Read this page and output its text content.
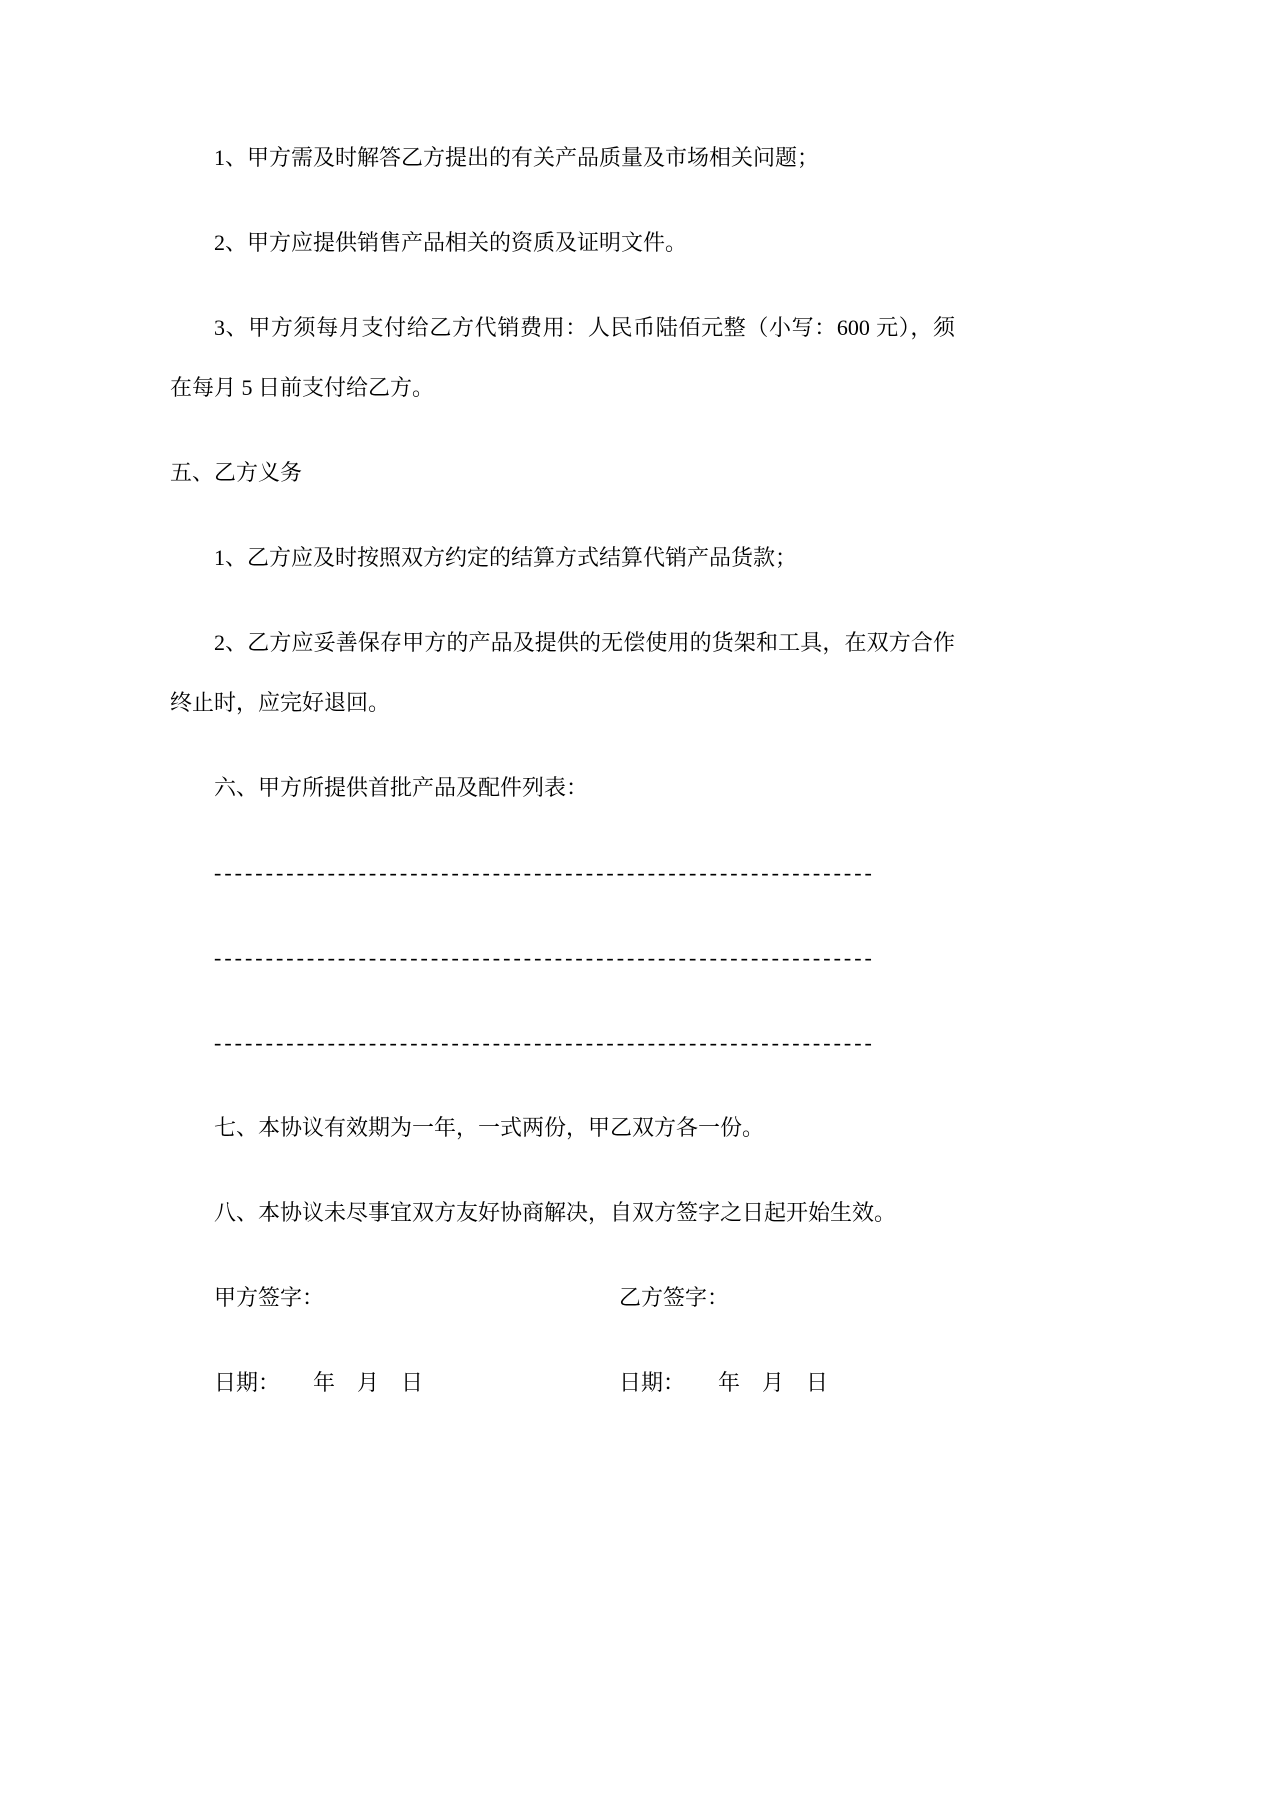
1、甲方需及时解答乙方提出的有关产品质量及市场相关问题；

2、甲方应提供销售产品相关的资质及证明文件。

3、甲方须每月支付给乙方代销费用：人民币陆佰元整（小写：600 元），须在每月 5 日前支付给乙方。

五、乙方义务

1、乙方应及时按照双方约定的结算方式结算代销产品货款；

2、乙方应妥善保存甲方的产品及提供的无偿使用的货架和工具，在双方合作终止时，应完好退回。

六、甲方所提供首批产品及配件列表：

----------------------------------------------------------------

----------------------------------------------------------------

----------------------------------------------------------------

七、本协议有效期为一年，一式两份，甲乙双方各一份。

八、本协议未尽事宜双方友好协商解决，自双方签字之日起开始生效。

甲方签字：	乙方签字：
日期：　　年　月　日	日期：　　年　月　日
